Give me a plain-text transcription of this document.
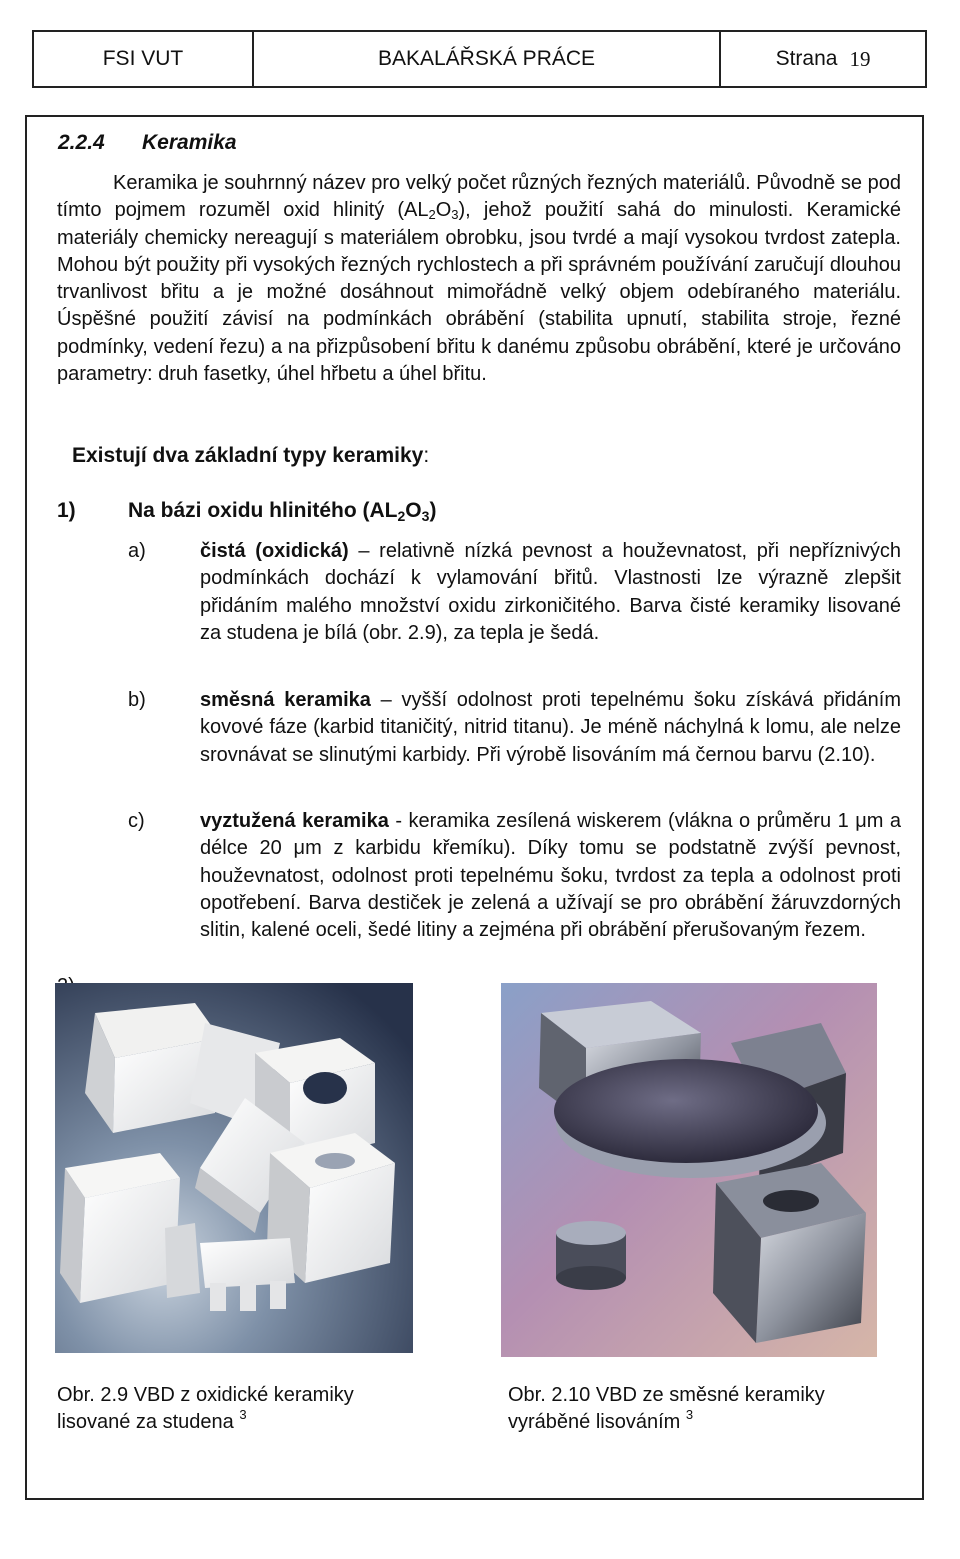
FSI VUT	BAKALÁŘSKÁ PRÁCE	Strana 19
2.2.4 Keramika
Keramika je souhrnný název pro velký počet různých řezných materiálů. Původně se pod tímto pojmem rozuměl oxid hlinitý $(AL_2O_3)$, jehož použití sahá do minulosti. Keramické materiály chemicky nereagují s materiálem obrobku, jsou tvrdé a mají vysokou tvrdost zatepla. Mohou být použity při vysokých řezných rychlostech a při správném používání zaručují dlouhou trvanlivost břitu a je možné dosáhnout mimořádně velký objem odebíraného materiálu. Úspěšné použití závisí na podmínkách obrábění (stabilita upnutí, stabilita stroje, řezné podmínky, vedení řezu) a na přizpůsobení břitu k danému způsobu obrábění, které je určováno parametry: druh fasetky, úhel hřbetu a úhel břitu.
Existují dva základní typy keramiky:
1) Na bázi oxidu hlinitého $(AL_2O_3)$
a)	čistá (oxidická) – relativně nízká pevnost a houževnatost, při nepříznivých podmínkách dochází k vylamování břitů. Vlastnosti lze výrazně zlepšit přidáním malého množství oxidu zirkoničitého. Barva čisté keramiky lisované za studena je bílá (obr. 2.9), za tepla je šedá.
b)	směsná keramika – vyšší odolnost proti tepelnému šoku získává přidáním kovové fáze (karbid titaničitý, nitrid titanu). Je méně náchylná k lomu, ale nelze srovnávat se slinutými karbidy. Při výrobě lisováním má černou barvu (2.10).
c)	vyztužená keramika - keramika zesílená wiskerem (vlákna o průměru 1 μm a délce 20 μm z karbidu křemíku). Díky tomu se podstatně zvýší pevnost, houževnatost, odolnost proti tepelnému šoku, tvrdost za tepla a odolnost proti opotřebení. Barva destiček je zelená a užívají se pro obrábění žáruvzdorných slitin, kalené oceli, šedé litiny a zejména při obrábění přerušovaným řezem.
Obr. 2.9 VBD z oxidické keramiky
lisované za studena $^3$
Obr. 2.10 VBD ze směsné keramiky
vyráběné lisováním $^3$
